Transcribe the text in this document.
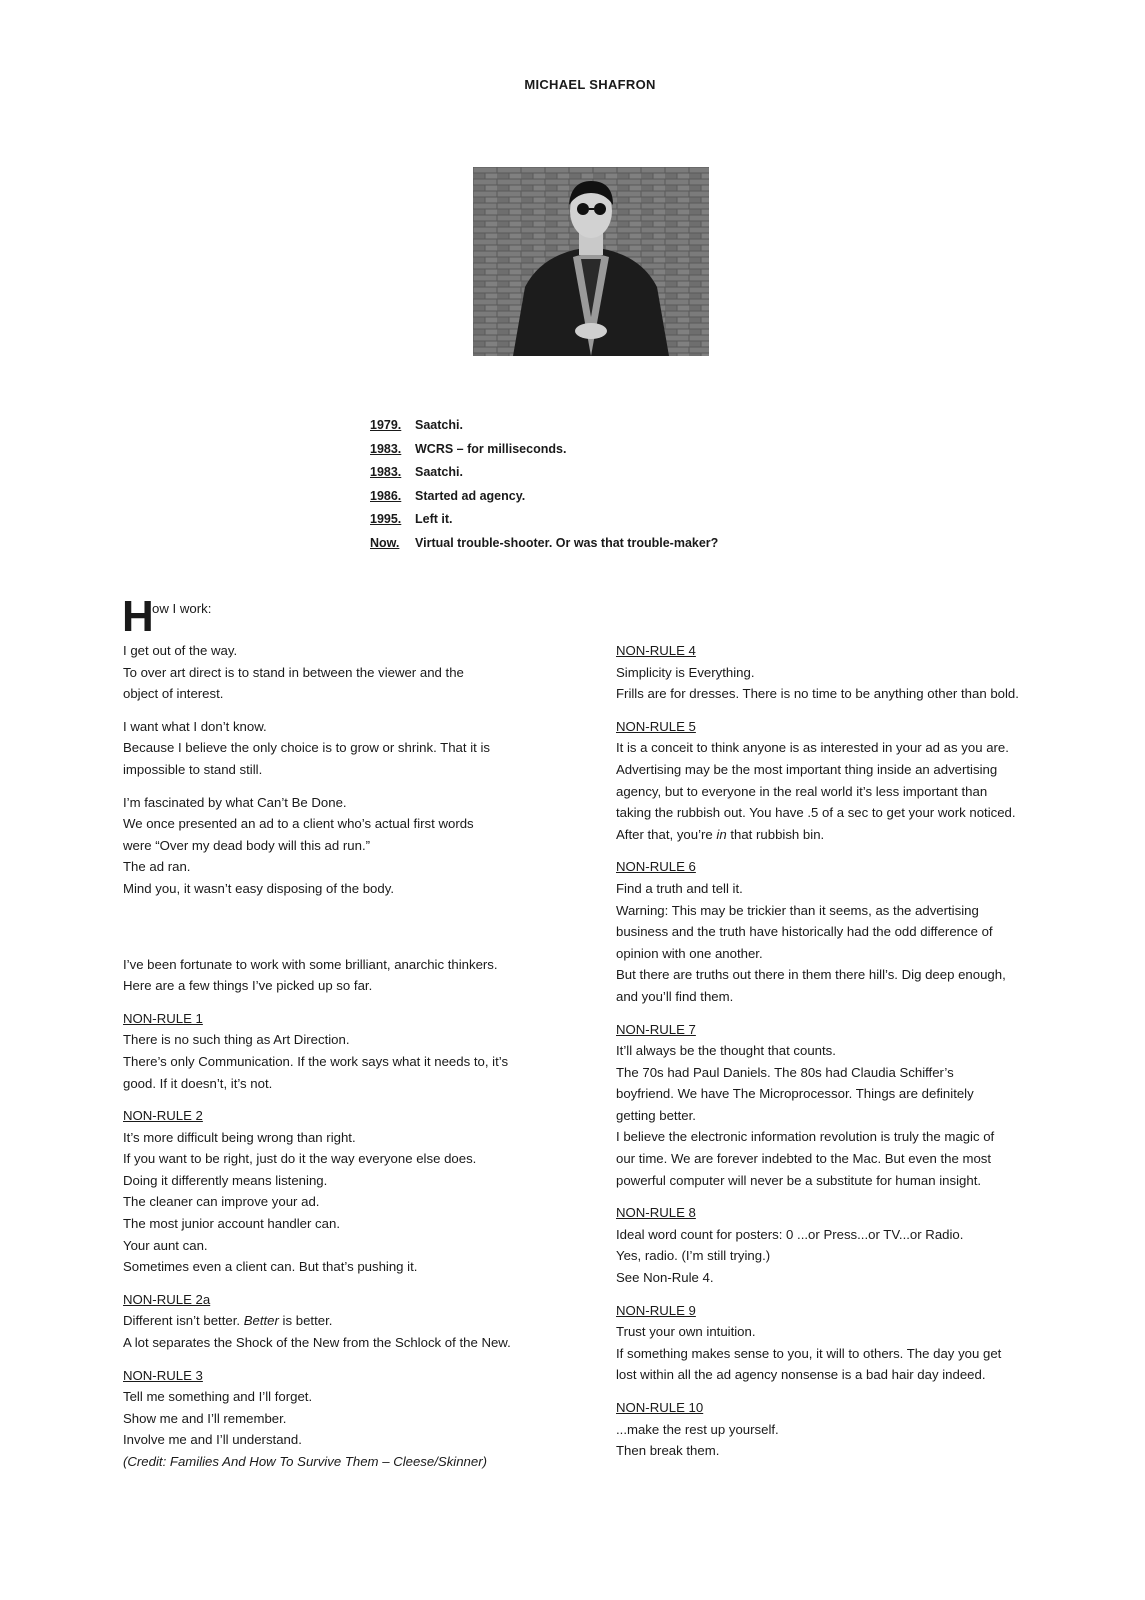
MICHAEL SHAFRON
1979. Saatchi.
1983. WCRS – for milliseconds.
1983. Saatchi.
1986. Started ad agency.
1995. Left it.
Now. Virtual trouble-shooter. Or was that trouble-maker?
H
ow I work:
I get out of the way.
To over art direct is to stand in between the viewer and the
object of interest.
I want what I don’t know.
Because I believe the only choice is to grow or shrink. That it is
impossible to stand still.
I’m fascinated by what Can’t Be Done.
We once presented an ad to a client who’s actual first words
were “Over my dead body will this ad run.”
The ad ran.
Mind you, it wasn’t easy disposing of the body.
I’ve been fortunate to work with some brilliant, anarchic thinkers.
Here are a few things I’ve picked up so far.
NON-RULE 1
There is no such thing as Art Direction.
There’s only Communication. If the work says what it needs to, it’s
good. If it doesn’t, it’s not.
NON-RULE 2
It’s more difficult being wrong than right.
If you want to be right, just do it the way everyone else does.
Doing it differently means listening.
The cleaner can improve your ad.
The most junior account handler can.
Your aunt can.
Sometimes even a client can. But that’s pushing it.
NON-RULE 2a
Different isn’t better. Better is better.
A lot separates the Shock of the New from the Schlock of the New.
NON-RULE 3
Tell me something and I’ll forget.
Show me and I’ll remember.
Involve me and I’ll understand.
(Credit: Families And How To Survive Them – Cleese/Skinner)
NON-RULE 4
Simplicity is Everything.
Frills are for dresses. There is no time to be anything other than bold.
NON-RULE 5
It is a conceit to think anyone is as interested in your ad as you are.
Advertising may be the most important thing inside an advertising
agency, but to everyone in the real world it’s less important than
taking the rubbish out. You have .5 of a sec to get your work noticed.
After that, you’re in that rubbish bin.
NON-RULE 6
Find a truth and tell it.
Warning: This may be trickier than it seems, as the advertising
business and the truth have historically had the odd difference of
opinion with one another.
But there are truths out there in them there hill’s. Dig deep enough,
and you’ll find them.
NON-RULE 7
It’ll always be the thought that counts.
The 70s had Paul Daniels. The 80s had Claudia Schiffer’s
boyfriend. We have The Microprocessor. Things are definitely
getting better.
I believe the electronic information revolution is truly the magic of
our time. We are forever indebted to the Mac. But even the most
powerful computer will never be a substitute for human insight.
NON-RULE 8
Ideal word count for posters: 0 ...or Press...or TV...or Radio.
Yes, radio. (I’m still trying.)
See Non-Rule 4.
NON-RULE 9
Trust your own intuition.
If something makes sense to you, it will to others. The day you get
lost within all the ad agency nonsense is a bad hair day indeed.
NON-RULE 10
...make the rest up yourself.
Then break them.
